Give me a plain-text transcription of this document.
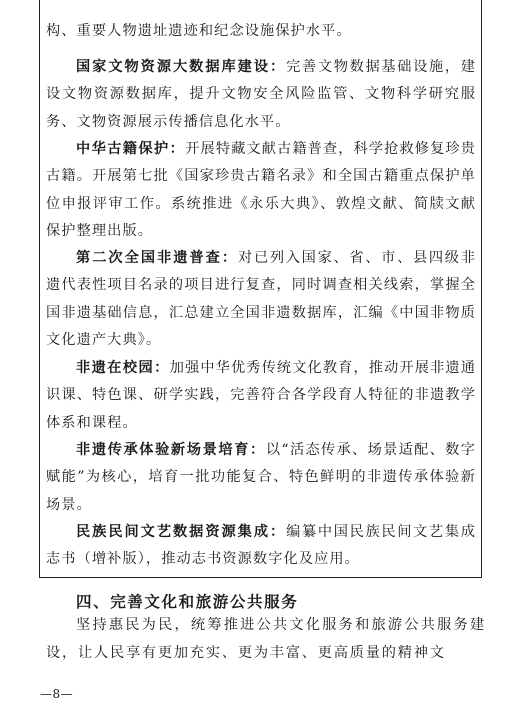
构、重要人物遗址遗迹和纪念设施保护水平。

国家文物资源大数据库建设：完善文物数据基础设施，建设文物资源数据库，提升文物安全风险监管、文物科学研究服务、文物资源展示传播信息化水平。

中华古籍保护：开展特藏文献古籍普查，科学抢救修复珍贵古籍。开展第七批《国家珍贵古籍名录》和全国古籍重点保护单位申报评审工作。系统推进《永乐大典》、敦煌文献、简牍文献保护整理出版。

第二次全国非遗普查：对已列入国家、省、市、县四级非遗代表性项目名录的项目进行复查，同时调查相关线索，掌握全国非遗基础信息，汇总建立全国非遗数据库，汇编《中国非物质文化遗产大典》。

非遗在校园：加强中华优秀传统文化教育，推动开展非遗通识课、特色课、研学实践，完善符合各学段育人特征的非遗教学体系和课程。

非遗传承体验新场景培育：以“活态传承、场景适配、数字赋能”为核心，培育一批功能复合、特色鲜明的非遗传承体验新场景。

民族民间文艺数据资源集成：编纂中国民族民间文艺集成志书（增补版），推动志书资源数字化及应用。

四、完善文化和旅游公共服务

坚持惠民为民，统筹推进公共文化服务和旅游公共服务建设，让人民享有更加充实、更为丰富、更高质量的精神文

—8—
